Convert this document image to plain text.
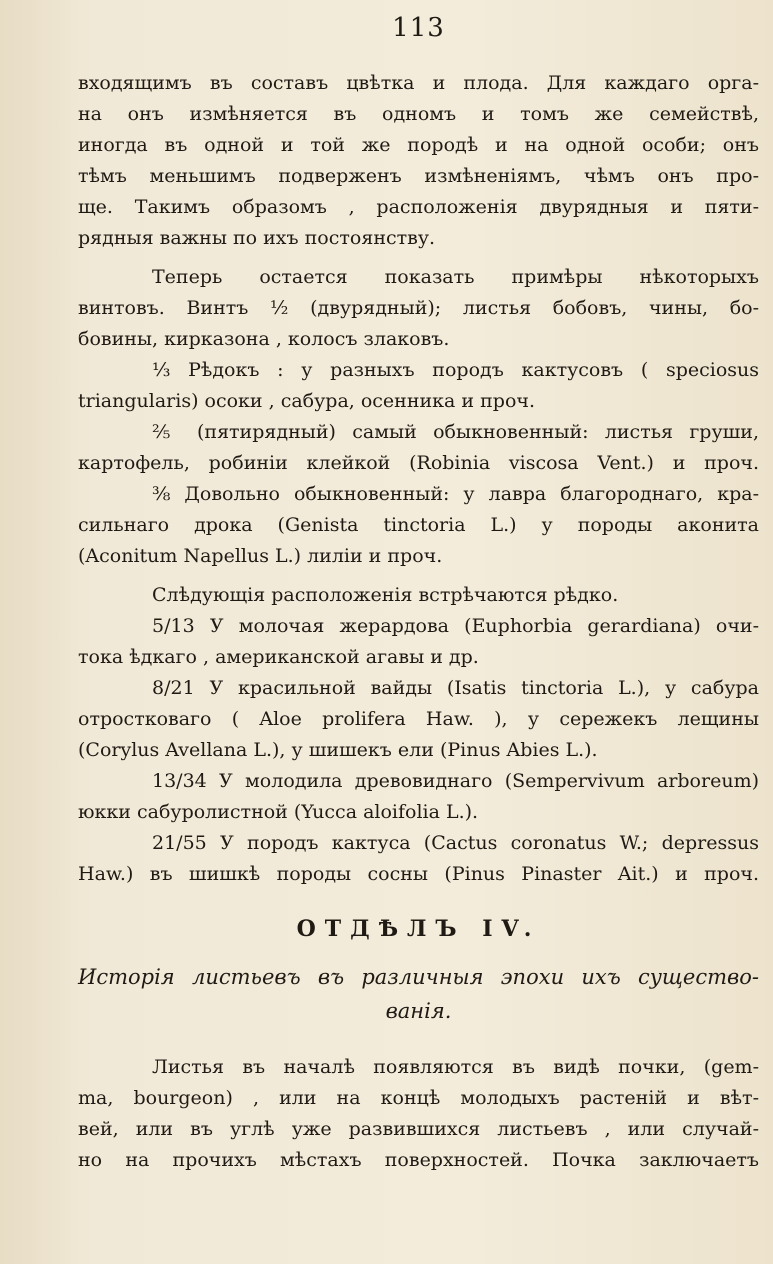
113

входящимъ въ составъ цвѣтка и плода. Для каждаго орга-

на онъ измѣняется въ одномъ и томъ же семействѣ,

иногда въ одной и той же породѣ и на одной особи; онъ

тѣмъ меньшимъ подверженъ измѣненіямъ, чѣмъ онъ про-

ще. Такимъ образомъ , расположенія двурядныя и пяти-

рядныя важны по ихъ постоянству.

Теперь остается показать примѣры нѣкоторыхъ

винтовъ. Винтъ ½ (двурядный); листья бобовъ, чины, бо-

бовины, кирказона , колосъ злаковъ.

⅓ Рѣдокъ : у разныхъ породъ кактусовъ ( speciosus

triangularis) осоки , сабура, осенника и проч.

⅖ (пятирядный) самый обыкновенный: листья груши,

картофель, робиніи клейкой (Robinia viscosa Vent.) и проч.

⅜ Довольно обыкновенный: у лавра благороднаго, кра-

сильнаго дрока (Genista tinctoria L.) у породы аконита

(Aconitum Napellus L.) лиліи и проч.

Слѣдующія расположенія встрѣчаются рѣдко.

5/13 У молочая жерардова (Euphorbia gerardiana) очи-

тока ѣдкаго , американской агавы и др.

8/21 У красильной вайды (Isatis tinctoria L.), у сабура

отростковаго ( Aloe prolifera Haw. ), у сережекъ лещины

(Corylus Avellana L.), у шишекъ ели (Pinus Abies L.).

13/34 У молодила древовиднаго (Sempervivum arboreum)

юкки сабуролистной (Yucca aloifolia L.).

21/55 У породъ кактуса (Cactus coronatus W.; depressus

Haw.) въ шишкѣ породы сосны (Pinus Pinaster Ait.) и проч.

ОТДѢЛЪ IV.

Исторія листьевъ въ различныя эпохи ихъ существо-

ванія.

Листья въ началѣ появляются въ видѣ почки, (gem-

ma, bourgeon) , или на концѣ молодыхъ растеній и вѣт-

вей, или въ углѣ уже развившихся листьевъ , или случай-

но на прочихъ мѣстахъ поверхностей. Почка заключаетъ
